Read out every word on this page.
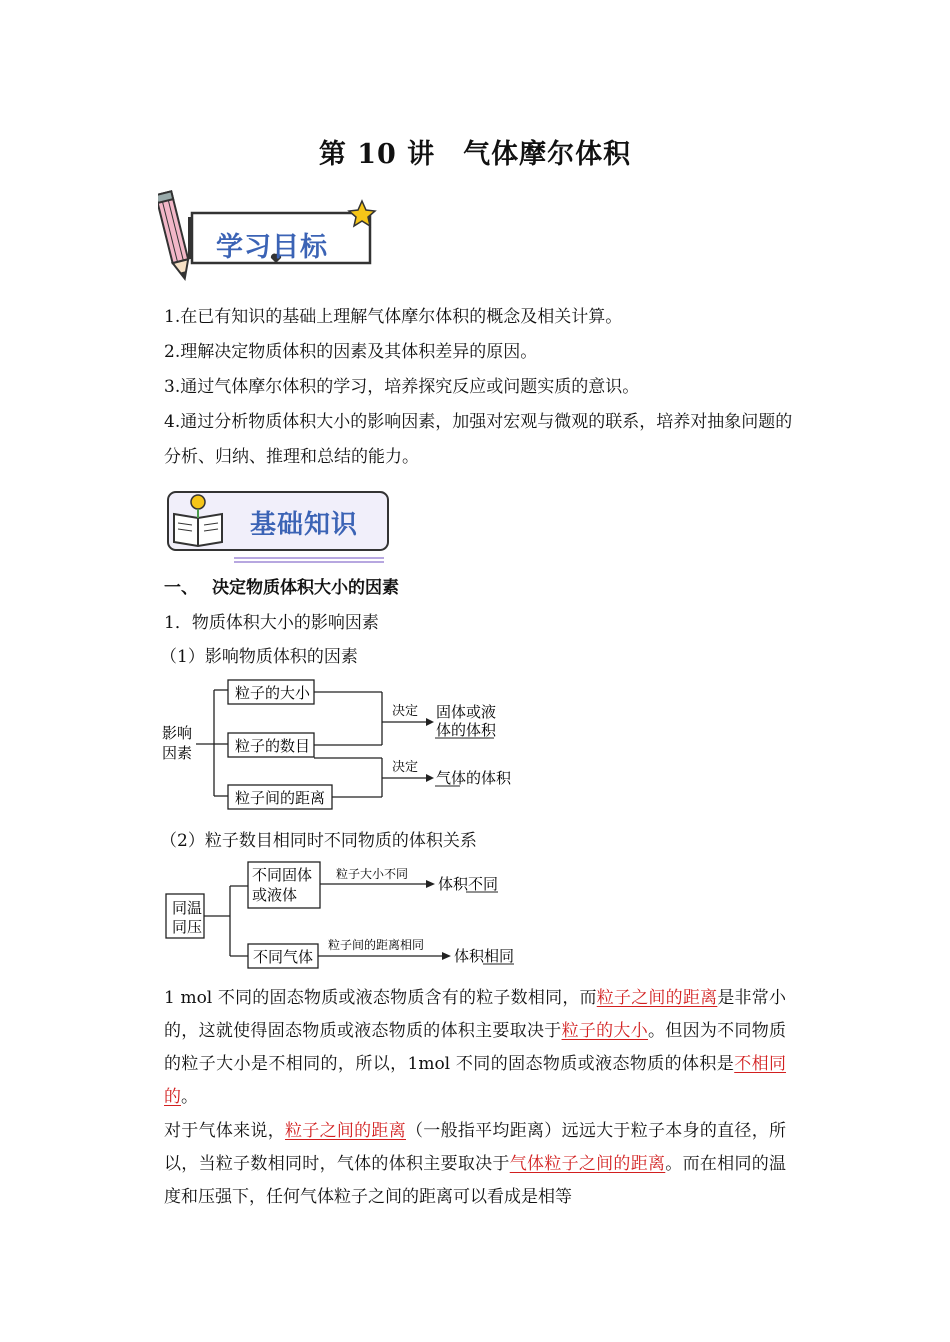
第 10 讲　气体摩尔体积
学习目标

1.在已有知识的基础上理解气体摩尔体积的概念及相关计算。

2.理解决定物质体积的因素及其体积差异的原因。

3.通过气体摩尔体积的学习，培养探究反应或问题实质的意识。

4.通过分析物质体积大小的影响因素，加强对宏观与微观的联系，培养对抽象问题的分析、归纳、推理和总结的能力。

基础知识
一、 决定物质体积大小的因素
1．物质体积大小的影响因素
（1）影响物质体积的因素
影响
因素
粒子的大小
粒子的数目
粒子间的距离
决定
决定
固体或液
体的体积
气体的体积
（2）粒子数目相同时不同物质的体积关系
同温
同压
不同固体
或液体
不同气体
粒子大小不同
粒子间的距离相同
体积不同
体积相同

1 mol 不同的固态物质或液态物质含有的粒子数相同，而粒子之间的距离是非常小的，这就使得固态物质或液态物质的体积主要取决于粒子的大小。但因为不同物质的粒子大小是不相同的，所以，1mol 不同的固态物质或液态物质的体积是不相同的。

对于气体来说，粒子之间的距离（一般指平均距离）远远大于粒子本身的直径，所以，当粒子数相同时，气体的体积主要取决于气体粒子之间的距离。而在相同的温度和压强下，任何气体粒子之间的距离可以看成是相等
